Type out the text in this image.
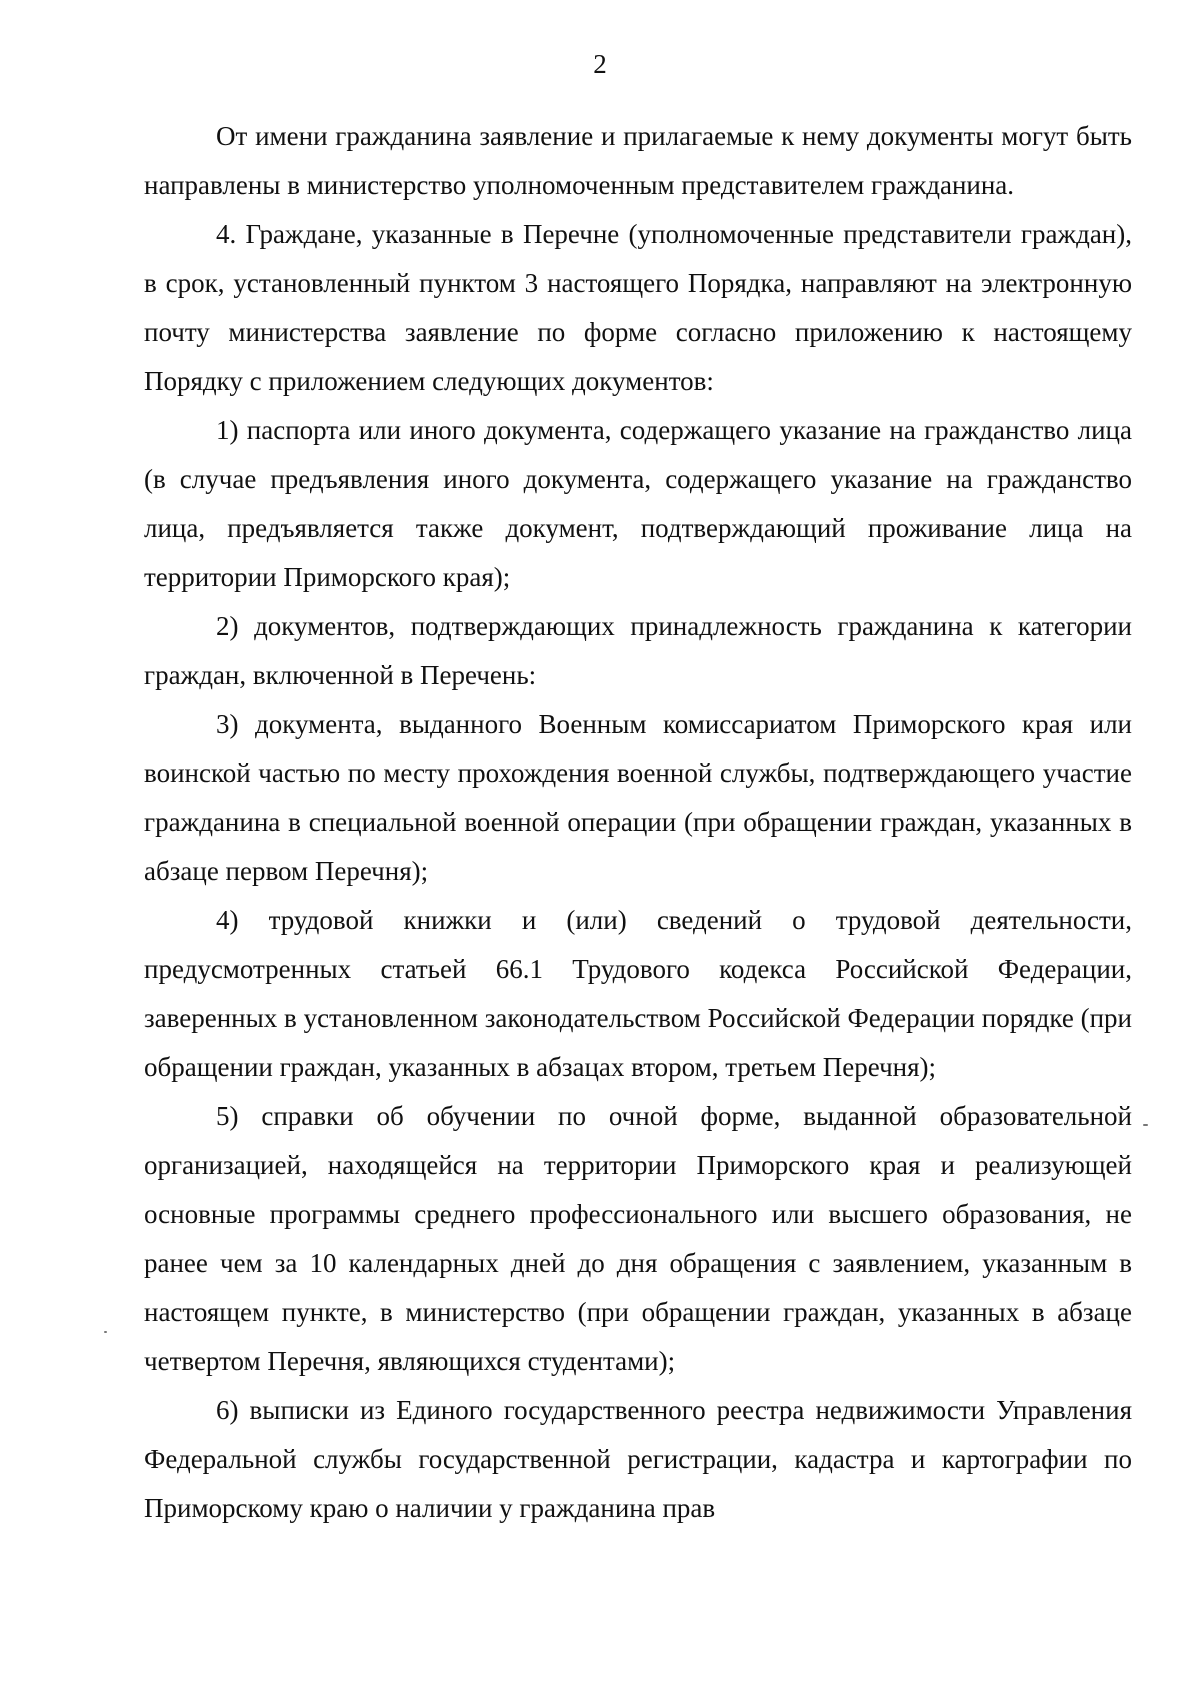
2

От имени гражданина заявление и прилагаемые к нему документы могут быть направлены в министерство уполномоченным представителем гражданина.

4. Граждане, указанные в Перечне (уполномоченные представители граждан), в срок, установленный пунктом 3 настоящего Порядка, направляют на электронную почту министерства заявление по форме согласно приложению к настоящему Порядку с приложением следующих документов:

1) паспорта или иного документа, содержащего указание на гражданство лица (в случае предъявления иного документа, содержащего указание на гражданство лица, предъявляется также документ, подтверждающий проживание лица на территории Приморского края);

2) документов, подтверждающих принадлежность гражданина к категории граждан, включенной в Перечень:

3) документа, выданного Военным комиссариатом Приморского края или воинской частью по месту прохождения военной службы, подтверждающего участие гражданина в специальной военной операции (при обращении граждан, указанных в абзаце первом Перечня);

4) трудовой книжки и (или) сведений о трудовой деятельности, предусмотренных статьей 66.1 Трудового кодекса Российской Федерации, заверенных в установленном законодательством Российской Федерации порядке (при обращении граждан, указанных в абзацах втором, третьем Перечня);

5) справки об обучении по очной форме, выданной образовательной организацией, находящейся на территории Приморского края и реализующей основные программы среднего профессионального или высшего образования, не ранее чем за 10 календарных дней до дня обращения с заявлением, указанным в настоящем пункте, в министерство (при обращении граждан, указанных в абзаце четвертом Перечня, являющихся студентами);

6) выписки из Единого государственного реестра недвижимости Управления Федеральной службы государственной регистрации, кадастра и картографии по Приморскому краю о наличии у гражданина прав
